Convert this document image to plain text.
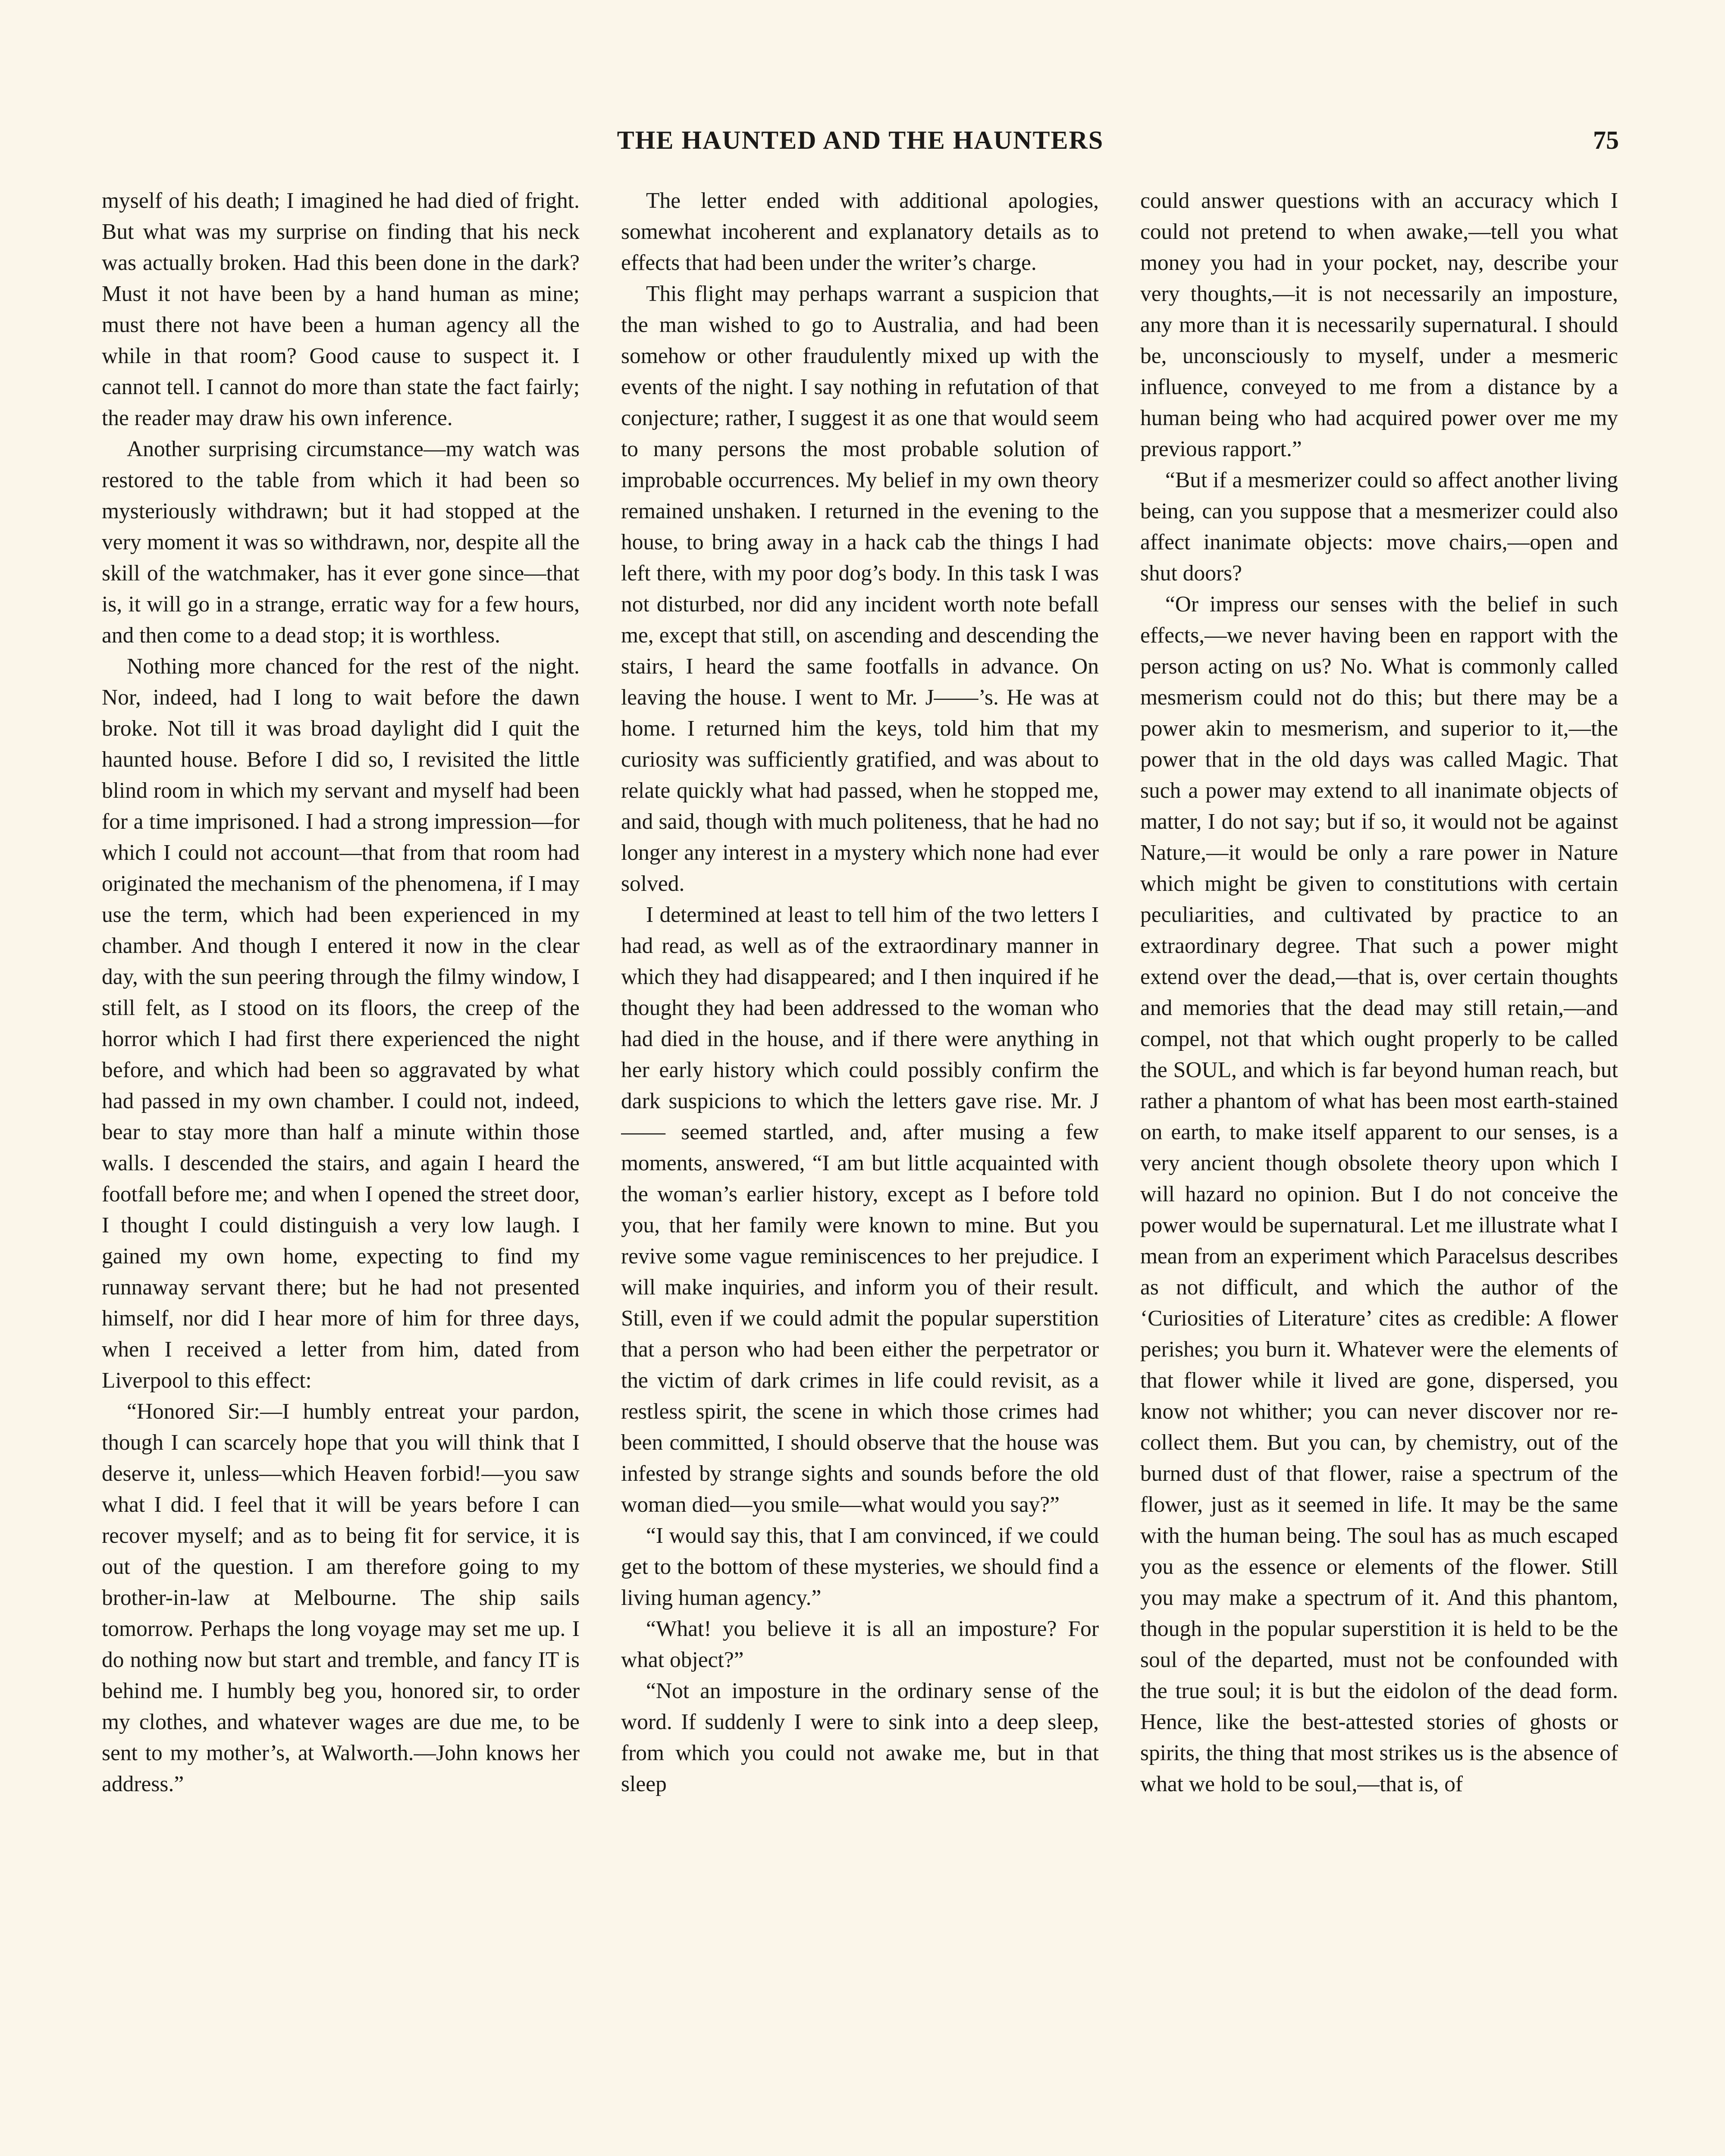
THE HAUNTED AND THE HAUNTERS	75

myself of his death; I imagined he had died of fright. But what was my surprise on finding that his neck was actually broken. Had this been done in the dark? Must it not have been by a hand human as mine; must there not have been a human agency all the while in that room? Good cause to suspect it. I cannot tell. I cannot do more than state the fact fairly; the reader may draw his own inference.

Another surprising circumstance—my watch was restored to the table from which it had been so mysteriously withdrawn; but it had stopped at the very moment it was so withdrawn, nor, despite all the skill of the watchmaker, has it ever gone since—that is, it will go in a strange, erratic way for a few hours, and then come to a dead stop; it is worthless.

Nothing more chanced for the rest of the night. Nor, indeed, had I long to wait before the dawn broke. Not till it was broad daylight did I quit the haunted house. Before I did so, I revisited the little blind room in which my servant and myself had been for a time imprisoned. I had a strong impression—for which I could not account—that from that room had originated the mechanism of the phenomena, if I may use the term, which had been experienced in my chamber. And though I entered it now in the clear day, with the sun peering through the filmy window, I still felt, as I stood on its floors, the creep of the horror which I had first there experienced the night before, and which had been so aggravated by what had passed in my own chamber. I could not, indeed, bear to stay more than half a minute within those walls. I descended the stairs, and again I heard the footfall before me; and when I opened the street door, I thought I could distinguish a very low laugh. I gained my own home, expecting to find my runnaway servant there; but he had not presented himself, nor did I hear more of him for three days, when I received a letter from him, dated from Liverpool to this effect:

“Honored Sir:—I humbly entreat your pardon, though I can scarcely hope that you will think that I deserve it, unless—which Heaven forbid!—you saw what I did. I feel that it will be years before I can recover myself; and as to being fit for service, it is out of the question. I am therefore going to my brother-in-law at Melbourne. The ship sails tomorrow. Perhaps the long voyage may set me up. I do nothing now but start and tremble, and fancy IT is behind me. I humbly beg you, honored sir, to order my clothes, and whatever wages are due me, to be sent to my mother’s, at Walworth.—John knows her address.”

The letter ended with additional apologies, somewhat incoherent and explanatory details as to effects that had been under the writer’s charge.

This flight may perhaps warrant a suspicion that the man wished to go to Australia, and had been somehow or other fraudulently mixed up with the events of the night. I say nothing in refutation of that conjecture; rather, I suggest it as one that would seem to many persons the most probable solution of improbable occurrences. My belief in my own theory remained unshaken. I returned in the evening to the house, to bring away in a hack cab the things I had left there, with my poor dog’s body. In this task I was not disturbed, nor did any incident worth note befall me, except that still, on ascending and descending the stairs, I heard the same footfalls in advance. On leaving the house. I went to Mr. J——’s. He was at home. I returned him the keys, told him that my curiosity was sufficiently gratified, and was about to relate quickly what had passed, when he stopped me, and said, though with much politeness, that he had no longer any interest in a mystery which none had ever solved.

I determined at least to tell him of the two letters I had read, as well as of the extraordinary manner in which they had disappeared; and I then inquired if he thought they had been addressed to the woman who had died in the house, and if there were anything in her early history which could possibly confirm the dark suspicions to which the letters gave rise. Mr. J—— seemed startled, and, after musing a few moments, answered, “I am but little acquainted with the woman’s earlier history, except as I before told you, that her family were known to mine. But you revive some vague reminiscences to her prejudice. I will make inquiries, and inform you of their result. Still, even if we could admit the popular superstition that a person who had been either the perpetrator or the victim of dark crimes in life could revisit, as a restless spirit, the scene in which those crimes had been committed, I should observe that the house was infested by strange sights and sounds before the old woman died—you smile—what would you say?”

“I would say this, that I am convinced, if we could get to the bottom of these mysteries, we should find a living human agency.”

“What! you believe it is all an imposture? For what object?”

“Not an imposture in the ordinary sense of the word. If suddenly I were to sink into a deep sleep, from which you could not awake me, but in that sleep

could answer questions with an accuracy which I could not pretend to when awake,—tell you what money you had in your pocket, nay, describe your very thoughts,—it is not necessarily an imposture, any more than it is necessarily supernatural. I should be, unconsciously to myself, under a mesmeric influence, conveyed to me from a distance by a human being who had acquired power over me my previous rapport.”

“But if a mesmerizer could so affect another living being, can you suppose that a mesmerizer could also affect inanimate objects: move chairs,—open and shut doors?

“Or impress our senses with the belief in such effects,—we never having been en rapport with the person acting on us? No. What is commonly called mesmerism could not do this; but there may be a power akin to mesmerism, and superior to it,—the power that in the old days was called Magic. That such a power may extend to all inanimate objects of matter, I do not say; but if so, it would not be against Nature,—it would be only a rare power in Nature which might be given to constitutions with certain peculiarities, and cultivated by practice to an extraordinary degree. That such a power might extend over the dead,—that is, over certain thoughts and memories that the dead may still retain,—and compel, not that which ought properly to be called the SOUL, and which is far beyond human reach, but rather a phantom of what has been most earth-stained on earth, to make itself apparent to our senses, is a very ancient though obsolete theory upon which I will hazard no opinion. But I do not conceive the power would be supernatural. Let me illustrate what I mean from an experiment which Paracelsus describes as not difficult, and which the author of the ‘Curiosities of Literature’ cites as credible: A flower perishes; you burn it. Whatever were the elements of that flower while it lived are gone, dispersed, you know not whither; you can never discover nor re-collect them. But you can, by chemistry, out of the burned dust of that flower, raise a spectrum of the flower, just as it seemed in life. It may be the same with the human being. The soul has as much escaped you as the essence or elements of the flower. Still you may make a spectrum of it. And this phantom, though in the popular superstition it is held to be the soul of the departed, must not be confounded with the true soul; it is but the eidolon of the dead form. Hence, like the best-attested stories of ghosts or spirits, the thing that most strikes us is the absence of what we hold to be soul,—that is, of
